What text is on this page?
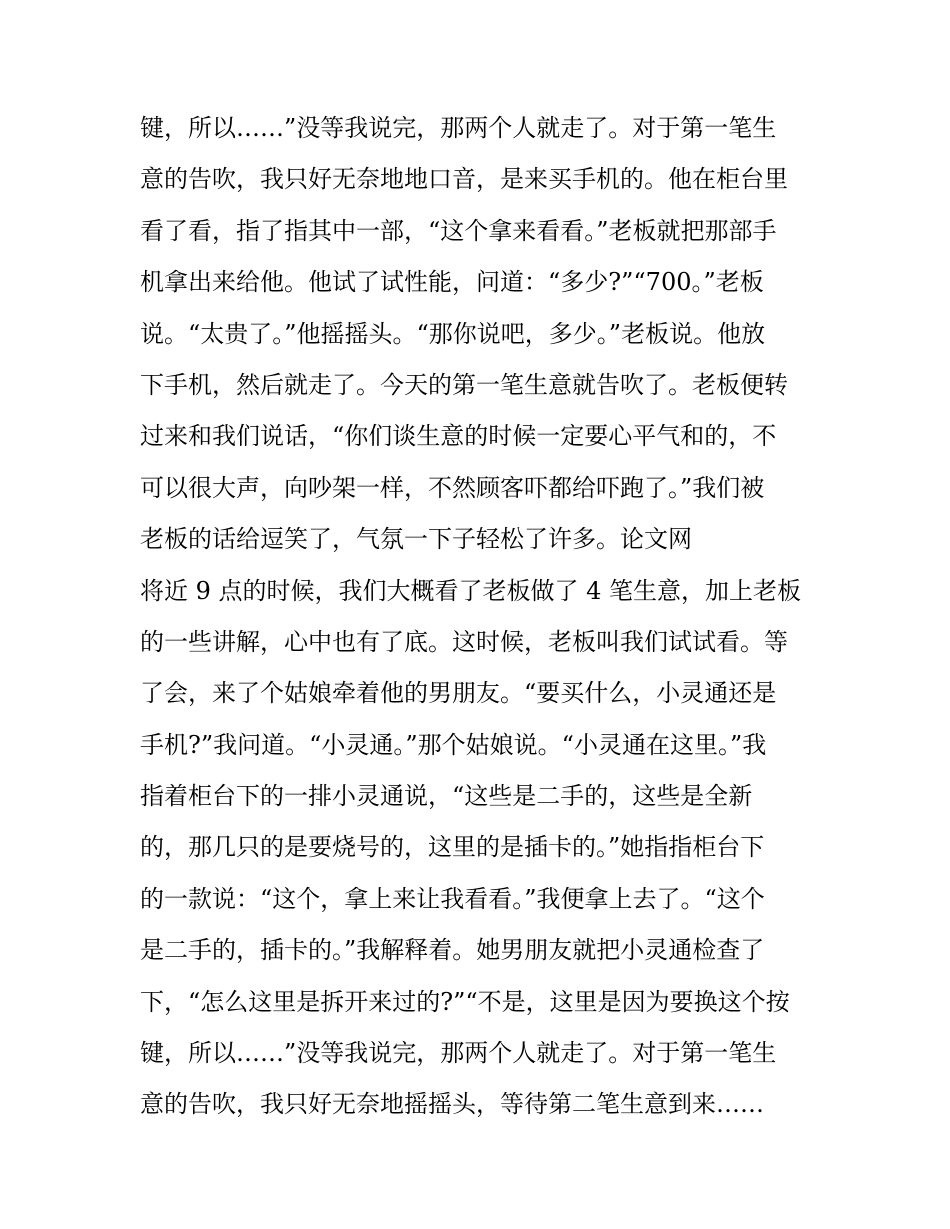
键，所以……”没等我说完，那两个人就走了。对于第一笔生
意的告吹，我只好无奈地地口音，是来买手机的。他在柜台里
看了看，指了指其中一部，“这个拿来看看。”老板就把那部手
机拿出来给他。他试了试性能，问道：“多少?”“700。”老板
说。“太贵了。”他摇摇头。“那你说吧，多少。”老板说。他放
下手机，然后就走了。今天的第一笔生意就告吹了。老板便转
过来和我们说话，“你们谈生意的时候一定要心平气和的，不
可以很大声，向吵架一样，不然顾客吓都给吓跑了。”我们被
老板的话给逗笑了，气氛一下子轻松了许多。论文网
将近 9 点的时候，我们大概看了老板做了 4 笔生意，加上老板
的一些讲解，心中也有了底。这时候，老板叫我们试试看。等
了会，来了个姑娘牵着他的男朋友。“要买什么，小灵通还是
手机?”我问道。“小灵通。”那个姑娘说。“小灵通在这里。”我
指着柜台下的一排小灵通说，“这些是二手的，这些是全新
的，那几只的是要烧号的，这里的是插卡的。”她指指柜台下
的一款说：“这个，拿上来让我看看。”我便拿上去了。“这个
是二手的，插卡的。”我解释着。她男朋友就把小灵通检查了
下，“怎么这里是拆开来过的?”“不是，这里是因为要换这个按
键，所以……”没等我说完，那两个人就走了。对于第一笔生
意的告吹，我只好无奈地摇摇头，等待第二笔生意到来……
